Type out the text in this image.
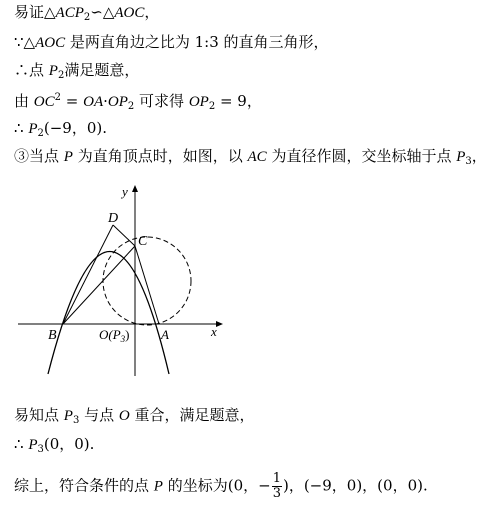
易证$\triangle ACP_2∽\triangle AOC$，
∵△AOC 是两直角边之比为 1:3 的直角三角形，
∴点 $P_2$满足题意，
由 $OC^2 = OA\cdot OP_2$ 可求得 $OP_2 = 9$，
∴ $P_2(-9$，0).
③当点 P 为直角顶点时，如图，以 AC 为直径作圆，交坐标轴于点 $P_3$，
y
x
D
C
B	A
$O(P_3)$
易知点 $P_3$ 与点 O 重合，满足题意，
∴ $P_3(0$，0).
综上，符合条件的点 P 的坐标为(0，− $\frac{1}{3}$ )，(−9，0)，(0，0).
